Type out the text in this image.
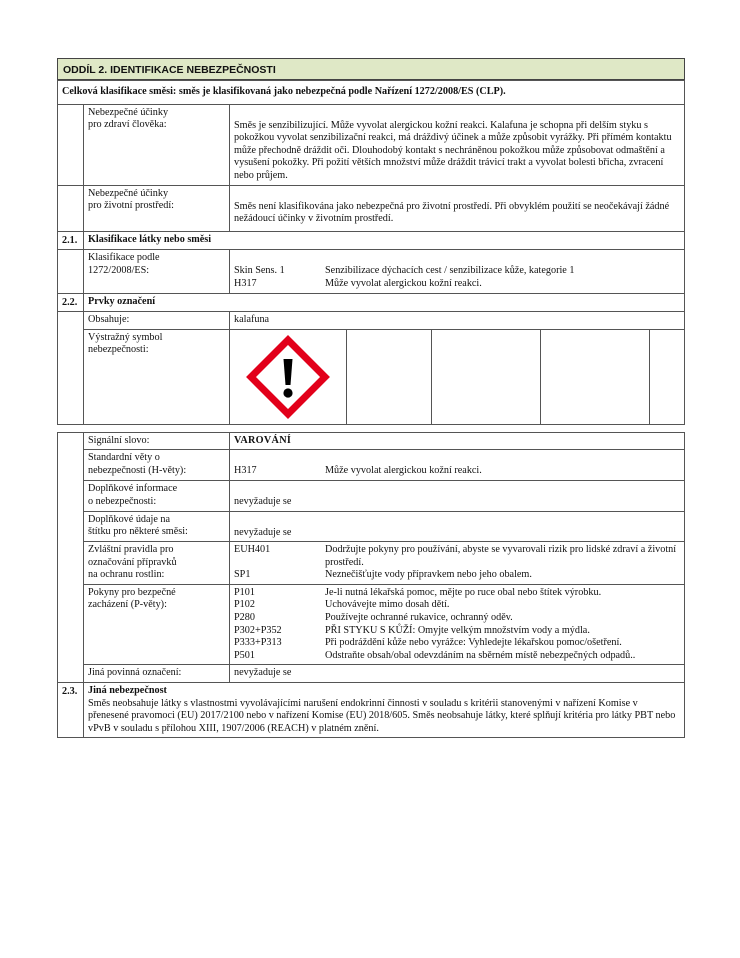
ODDÍL 2. IDENTIFIKACE NEBEZPEČNOSTI
Celková klasifikace směsi: směs je klasifikovaná jako nebezpečná podle Nařízení 1272/2008/ES (CLP).
	Nebezpečné účinky
pro zdraví člověka:	Směs je senzibilizující. Může vyvolat alergickou kožní reakci. Kalafuna je schopna při delším styku s pokožkou vyvolat senzibilizační reakci, má dráždivý účinek a může způsobit vyrážky. Při přímém kontaktu může přechodně dráždit oči. Dlouhodobý kontakt s nechráněnou pokožkou může způsobovat odmaštění a vysušení pokožky. Při požití větších množství může dráždit trávicí trakt a vyvolat bolesti břicha, zvracení nebo průjem.
	Nebezpečné účinky
pro životní prostředí:	Směs není klasifikována jako nebezpečná pro životní prostředí. Při obvyklém použití se neočekávají žádné nežádoucí účinky v životním prostředí.
2.1.	Klasifikace látky nebo směsi
	Klasifikace podle
1272/2008/ES:		Skin Sens. 1	Senzibilizace dýchacích cest / senzibilizace kůže, kategorie 1
H317	Může vyvolat alergickou kožní reakci.

2.2.	Prvky označení
	Obsahuje:	kalafuna
Výstražný symbol
nebezpečnosti:	

	Signální slovo:	VAROVÁNÍ
Standardní věty o
nebezpečnosti (H-věty):		H317	Může vyvolat alergickou kožní reakci.

Doplňkové informace
o nebezpečnosti:	nevyžaduje se
Doplňkové údaje na
štítku pro některé směsi:	nevyžaduje se
Zvláštní pravidla pro
označování přípravků
na ochranu rostlin:	
EUH401	Dodržujte pokyny pro používání, abyste se vyvarovali rizik pro lidské zdraví a životní prostředí.
SP1	Neznečišťujte vody přípravkem nebo jeho obalem.

Pokyny pro bezpečné
zacházení (P-věty):	
P101	Je-li nutná lékařská pomoc, mějte po ruce obal nebo štítek výrobku.
P102	Uchovávejte mimo dosah dětí.
P280	Používejte ochranné rukavice, ochranný oděv.
P302+P352	PŘI STYKU S KŮŽÍ: Omyjte velkým množstvím vody a mýdla.
P333+P313	Při podráždění kůže nebo vyrážce: Vyhledejte lékařskou pomoc/ošetření.
P501	Odstraňte obsah/obal odevzdáním na sběrném místě nebezpečných odpadů..

Jiná povinná označení:	nevyžaduje se
2.3.	Jiná nebezpečnost
Směs neobsahuje látky s vlastnostmi vyvolávajícími narušení endokrinní činnosti v souladu s kritérii stanovenými v nařízení Komise v přenesené pravomoci (EU) 2017/2100 nebo v nařízení Komise (EU) 2018/605. Směs neobsahuje látky, které splňují kritéria pro látky PBT nebo vPvB v souladu s přílohou XIII, 1907/2006 (REACH) v platném znění.
